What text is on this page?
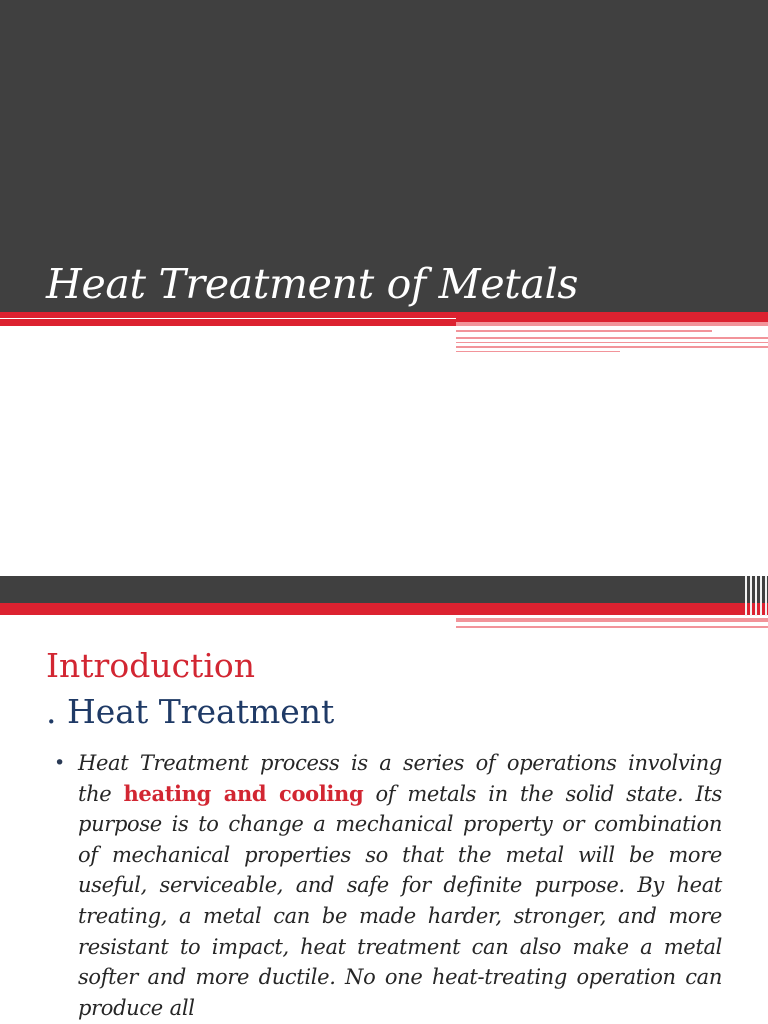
Heat Treatment of Metals
Introduction
. Heat Treatment
• Heat Treatment process is a series of operations involving the heating and cooling of metals in the solid state. Its purpose is to change a mechanical property or combination of mechanical properties so that the metal will be more useful, serviceable, and safe for definite purpose. By heat treating, a metal can be made harder, stronger, and more resistant to impact, heat treatment can also make a metal softer and more ductile. No one heat-treating operation can produce all
